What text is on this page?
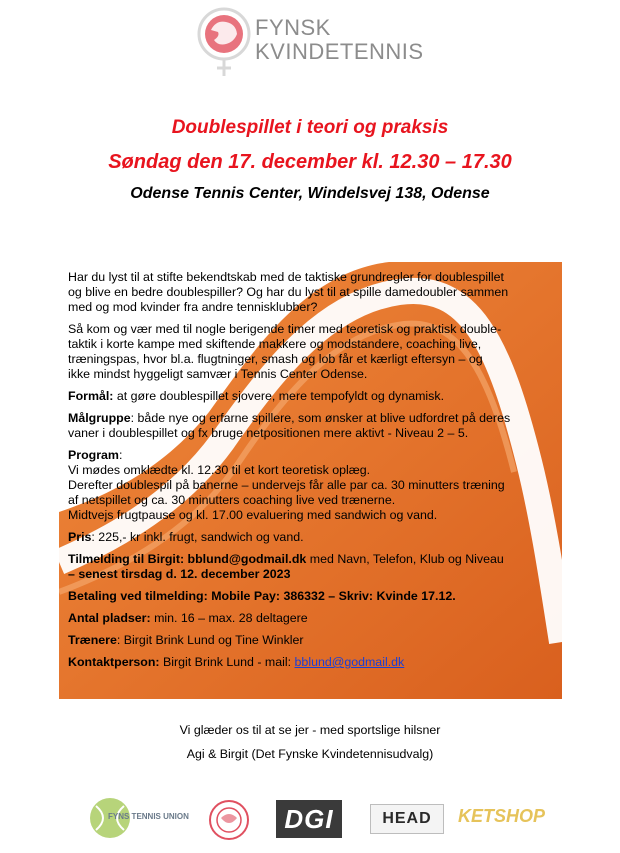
FYNSK
KVINDETENNIS
Doublespillet i teori og praksis
Søndag den 17. december kl. 12.30 – 17.30
Odense Tennis Center, Windelsvej 138, Odense

Har du lyst til at stifte bekendtskab med de taktiske grundregler for doublespillet
og blive en bedre doublespiller? Og har du lyst til at spille damedoubler sammen
med og mod kvinder fra andre tennisklubber?

Så kom og vær med til nogle berigende timer med teoretisk og praktisk double-
taktik i korte kampe med skiftende makkere og modstandere, coaching live,
træningspas, hvor bl.a. flugtninger, smash og lob får et kærligt eftersyn – og
ikke mindst hyggeligt samvær i Tennis Center Odense.

Formål: at gøre doublespillet sjovere, mere tempofyldt og dynamisk.

Målgruppe: både nye og erfarne spillere, som ønsker at blive udfordret på deres
vaner i doublespillet og fx bruge netpositionen mere aktivt - Niveau 2 – 5.

Program:
Vi mødes omklædte kl. 12.30 til et kort teoretisk oplæg.
Derefter doublespil på banerne – undervejs får alle par ca. 30 minutters træning
af netspillet og ca. 30 minutters coaching live ved trænerne.
Midtvejs frugtpause og kl. 17.00 evaluering med sandwich og vand.

Pris: 225,- kr inkl. frugt, sandwich og vand.

Tilmelding til Birgit: bblund@godmail.dk med Navn, Telefon, Klub og Niveau
– senest tirsdag d. 12. december 2023

Betaling ved tilmelding: Mobile Pay: 386332 – Skriv: Kvinde 17.12.

Antal pladser: min. 16 – max. 28 deltagere

Trænere: Birgit Brink Lund og Tine Winkler

Kontaktperson: Birgit Brink Lund - mail: bblund@godmail.dk

Vi glæder os til at se jer - med sportslige hilsner
Agi & Birgit (Det Fynske Kvindetennisudvalg)
FYNS TENNIS UNION	DGI	HEAD KETSHOP
